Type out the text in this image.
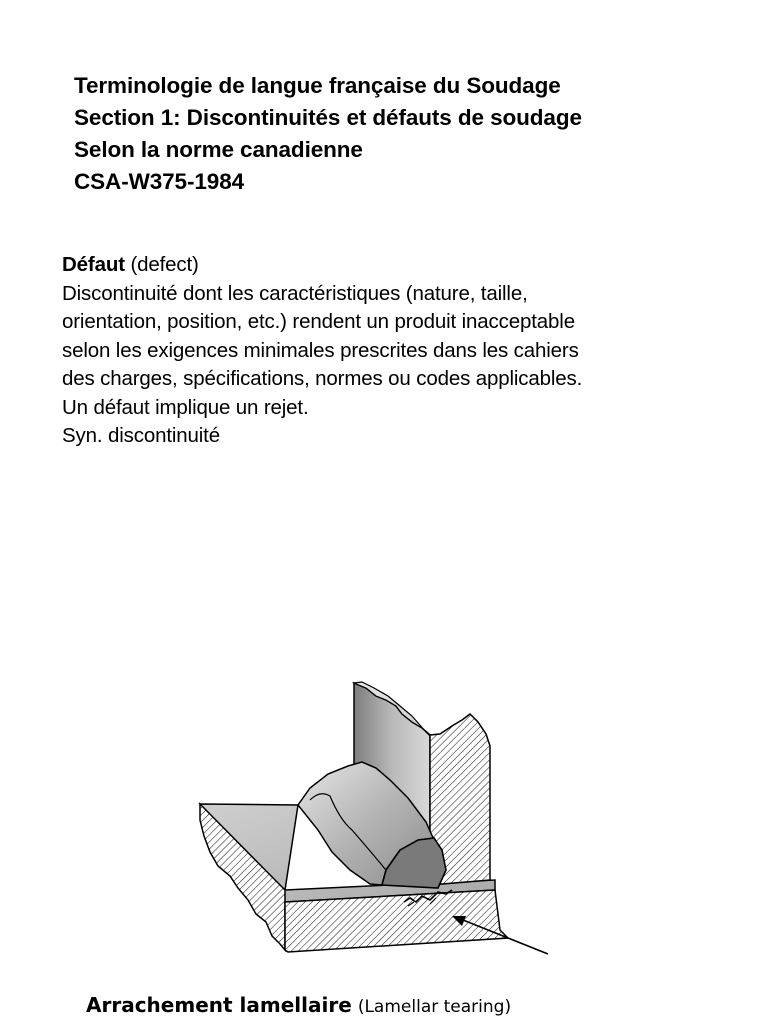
Terminologie de langue française du Soudage
Section 1: Discontinuités et défauts de soudage
Selon la norme canadienne
CSA-W375-1984
Défaut (defect)
Discontinuité dont les caractéristiques (nature, taille,
orientation, position, etc.) rendent un produit inacceptable
selon les exigences minimales prescrites dans les cahiers
des charges, spécifications, normes ou codes applicables.
Un défaut implique un rejet.
Syn. discontinuité
Arrachement lamellaire (Lamellar tearing)
